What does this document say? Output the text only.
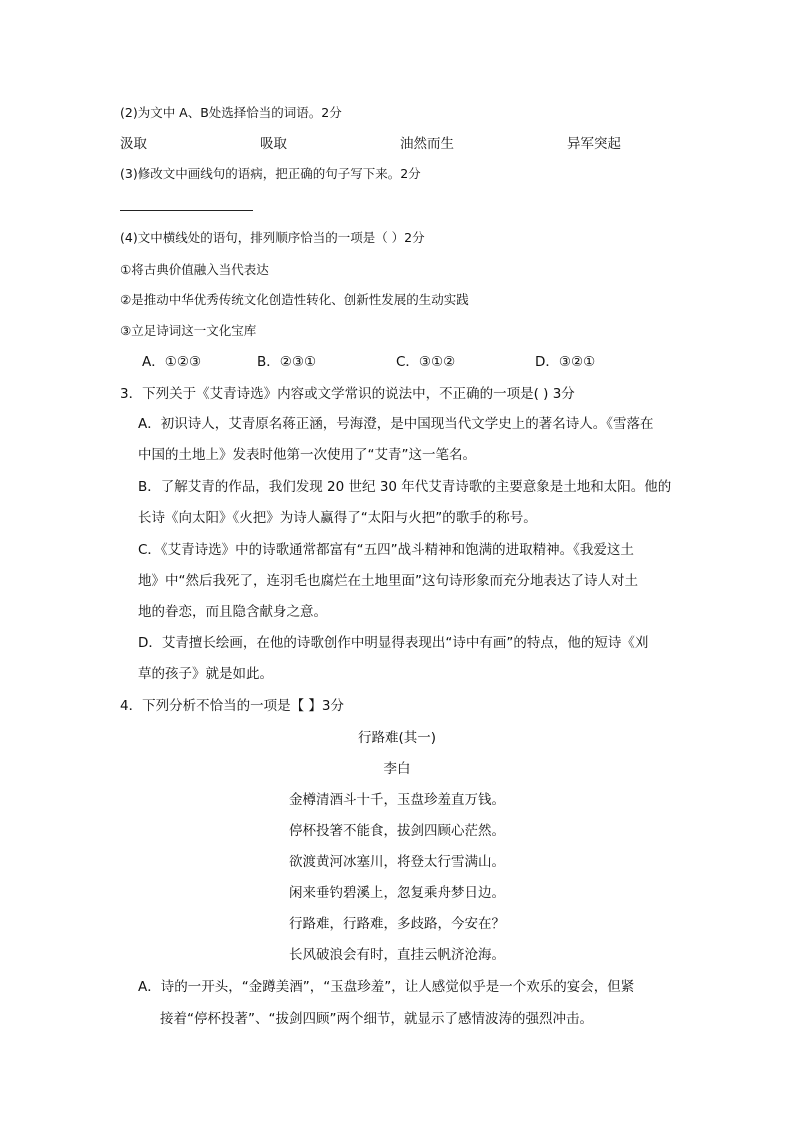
(2)为文中 A、B处选择恰当的词语。2分
汲取	吸取	油然而生	异军突起
(3)修改文中画线句的语病，把正确的句子写下来。2分
(4)文中横线处的语句，排列顺序恰当的一项是（ ）2分
①将古典价值融入当代表达
②是推动中华优秀传统文化创造性转化、创新性发展的生动实践
③立足诗词这一文化宝库
A．①②③	B．②③①	C．③①②	D．③②①
3．下列关于《艾青诗选》内容或文学常识的说法中，不正确的一项是( ) 3分
A．初识诗人，艾青原名蒋正涵，号海澄，是中国现当代文学史上的著名诗人。《雪落在
中国的土地上》发表时他第一次使用了“艾青”这一笔名。
B．了解艾青的作品，我们发现 20 世纪 30 年代艾青诗歌的主要意象是土地和太阳。他的
长诗《向太阳》《火把》为诗人赢得了“太阳与火把”的歌手的称号。
C．《艾青诗选》中的诗歌通常都富有“五四”战斗精神和饱满的进取精神。《我爱这土
地》中“然后我死了，连羽毛也腐烂在土地里面”这句诗形象而充分地表达了诗人对土
地的眷恋，而且隐含献身之意。
D．艾青擅长绘画，在他的诗歌创作中明显得表现出“诗中有画”的特点，他的短诗《刈
草的孩子》就是如此。
4．下列分析不恰当的一项是【 】3分
行路难(其一)
李白
金樽清酒斗十千，玉盘珍羞直万钱。
停杯投箸不能食，拔剑四顾心茫然。
欲渡黄河冰塞川，将登太行雪满山。
闲来垂钓碧溪上，忽复乘舟梦日边。
行路难，行路难，多歧路，今安在？
长风破浪会有时，直挂云帆济沧海。
A．诗的一开头，“金蹲美酒”，“玉盘珍羞”，让人感觉似乎是一个欢乐的宴会，但紧
接着“停杯投著”、“拔剑四顾”两个细节，就显示了感情波涛的强烈冲击。
